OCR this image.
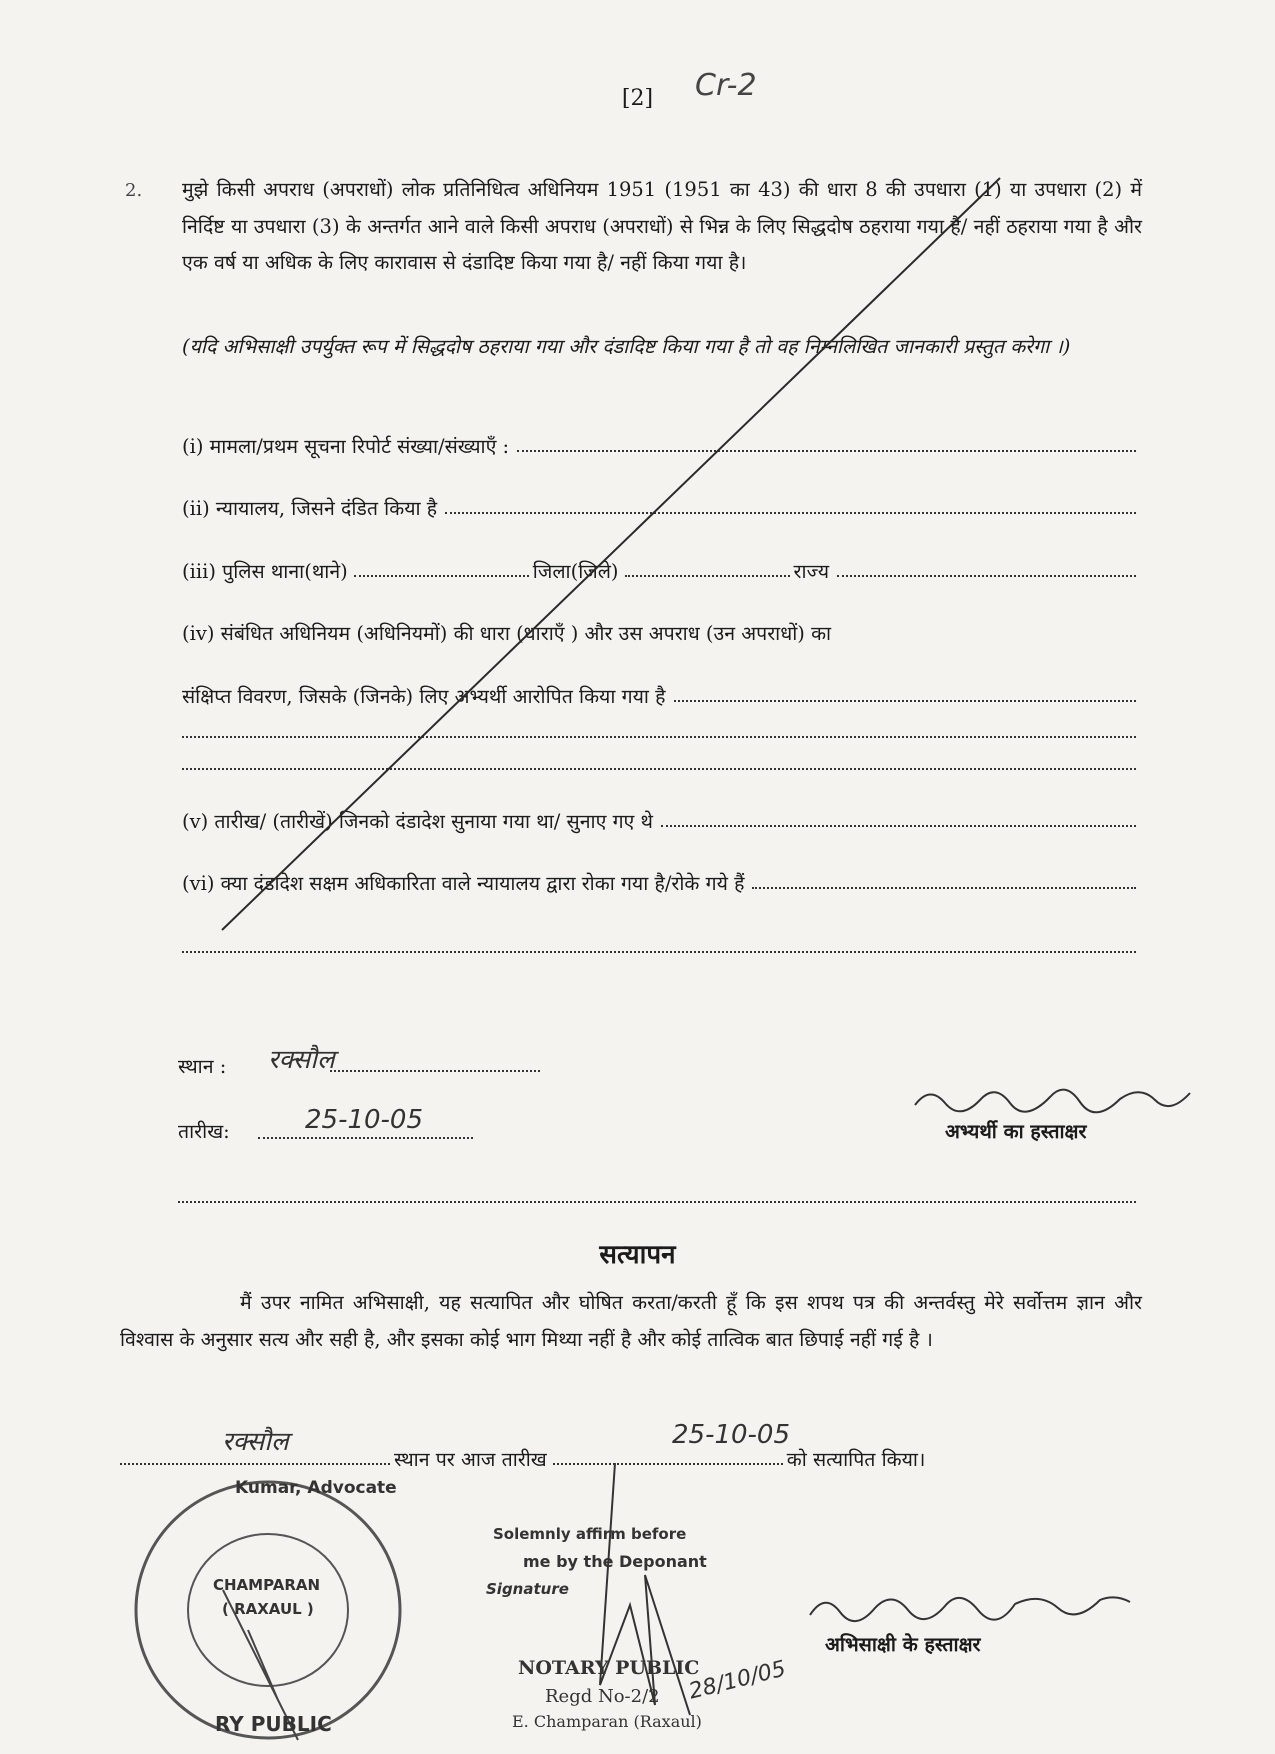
[2]	Cr-2
2. मुझे किसी अपराध (अपराधों) लोक प्रतिनिधित्व अधिनियम 1951 (1951 का 43) की धारा 8 की उपधारा (1) या उपधारा (2) में निर्दिष्ट या उपधारा (3) के अन्तर्गत आने वाले किसी अपराध (अपराधों) से भिन्न के लिए सिद्धदोष ठहराया गया है/ नहीं ठहराया गया है और एक वर्ष या अधिक के लिए कारावास से दंडादिष्ट किया गया है/ नहीं किया गया है।
(यदि अभिसाक्षी उपर्युक्त रूप में सिद्धदोष ठहराया गया और दंडादिष्ट किया गया है तो वह निम्नलिखित जानकारी प्रस्तुत करेगा ।)
(i) मामला/प्रथम सूचना रिपोर्ट संख्या/संख्याएँ :
(ii) न्यायालय, जिसने दंडित किया है
(iii) पुलिस थाना(थाने)	जिला(जिले)	राज्य
(iv) संबंधित अधिनियम (अधिनियमों) की धारा (धाराएँ ) और उस अपराध (उन अपराधों) का
संक्षिप्त विवरण, जिसके (जिनके) लिए अभ्यर्थी आरोपित किया गया है
(v) तारीख/ (तारीखें) जिनको दंडादेश सुनाया गया था/ सुनाए गए थे
(vi) क्या दंडादेश सक्षम अधिकारिता वाले न्यायालय द्वारा रोका गया है/रोके गये हैं
स्थान : रक्सौल
तारीख:	25-10-05	अभ्यर्थी का हस्ताक्षर
सत्यापन
मैं उपर नामित अभिसाक्षी, यह सत्यापित और घोषित करता/करती हूँ कि इस शपथ पत्र की अन्तर्वस्तु मेरे सर्वोत्तम ज्ञान और विश्वास के अनुसार सत्य और सही है, और इसका कोई भाग मिथ्या नहीं है और कोई तात्विक बात छिपाई नहीं गई है ।
स्थान पर आज तारीख	को सत्यापित किया।
रक्सौल	25-10-05
Kumar, Advocate
CHAMPARAN
( RAXAUL )
RY PUBLIC
Solemnly affirm before
me by the Deponant
Signature
अभिसाक्षी के हस्ताक्षर
NOTARY PUBLIC
Regd No-2/2
E. Champaran (Raxaul)
28/10/05
